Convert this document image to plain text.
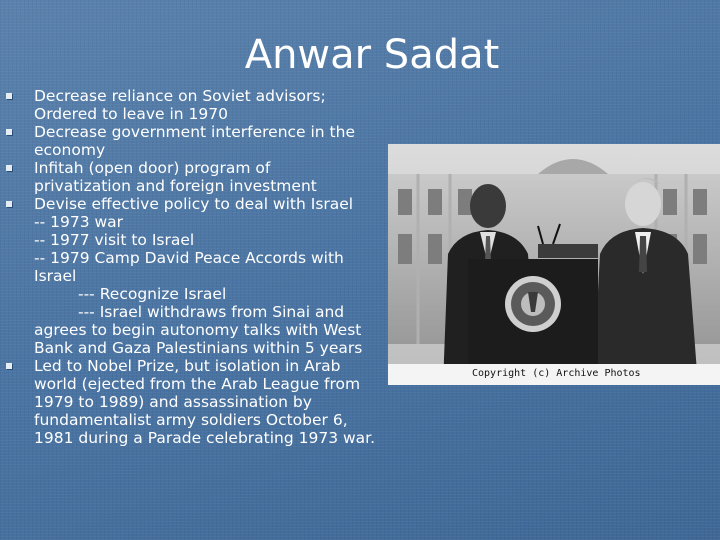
Anwar Sadat
Decrease reliance on Soviet advisors;
Ordered to leave in 1970
Decrease government interference in the
economy
Infitah (open door) program of
privatization and foreign investment
Devise effective policy to deal with Israel
-- 1973 war
-- 1977 visit to Israel
-- 1979 Camp David Peace Accords with
Israel
--- Recognize Israel
--- Israel withdraws from Sinai and
agrees to begin autonomy talks with West
Bank and Gaza Palestinians within 5 years
Led to Nobel Prize, but isolation in Arab
world (ejected from the Arab League from
1979 to 1989) and assassination by
fundamentalist army soldiers October 6,
1981 during a Parade celebrating 1973 war.
Copyright (c) Archive Photos
